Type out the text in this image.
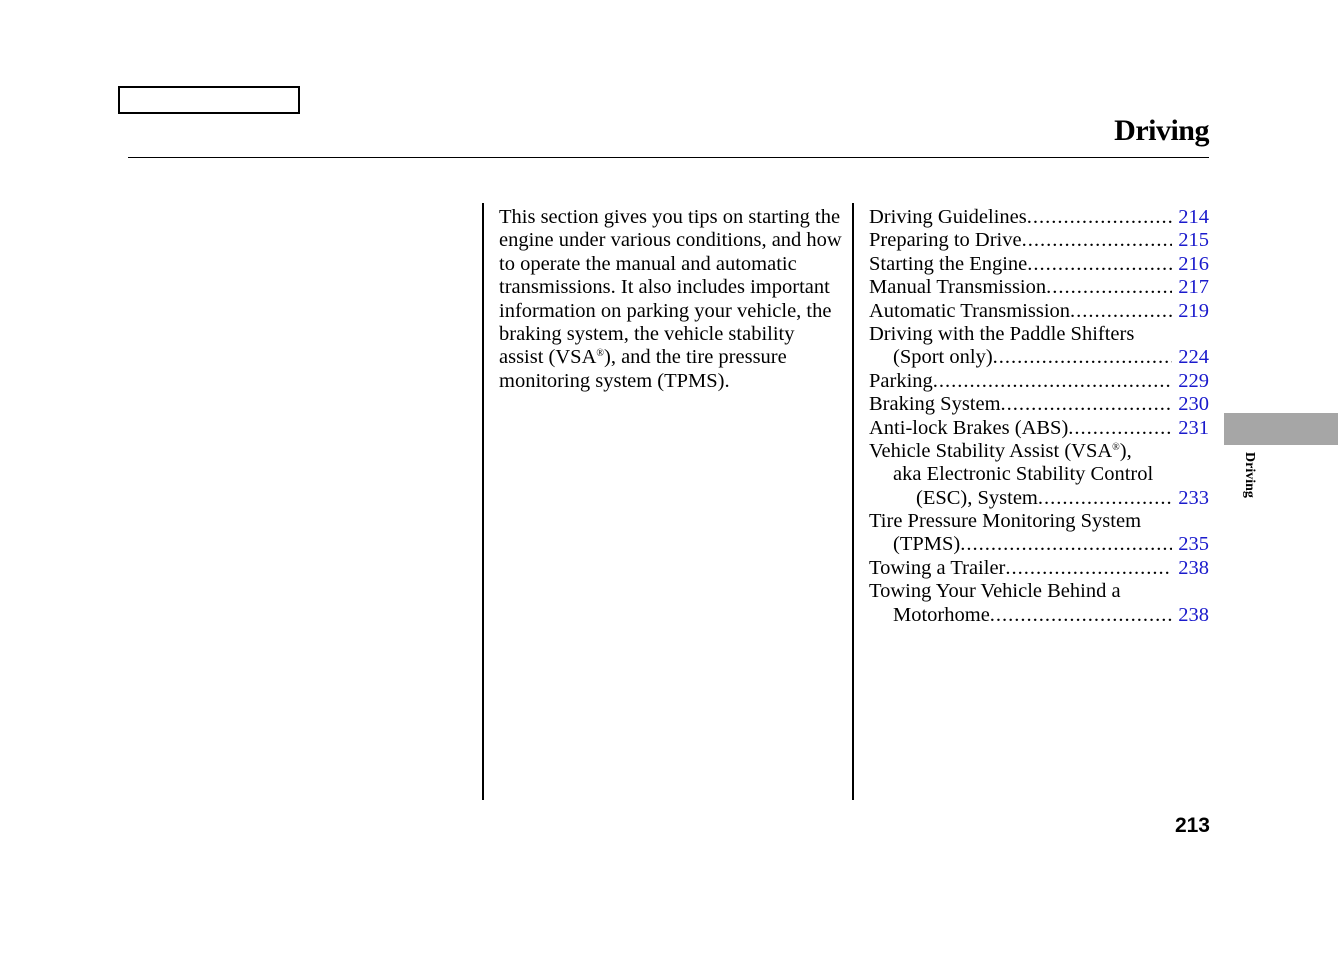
Driving

This section gives you tips on starting the engine under various conditions, and how to operate the manual and automatic transmissions. It also includes important information on parking your vehicle, the braking system, the vehicle stability assist (VSA®), and the tire pressure monitoring system (TPMS).

Driving Guidelines .....	214
Preparing to Drive .....	215
Starting the Engine .....	216
Manual Transmission .....	217
Automatic Transmission .....	219
Driving with the Paddle Shifters
(Sport only) .....	224
Parking .....	229
Braking System .....	230
Anti-lock Brakes (ABS) .....	231
Vehicle Stability Assist (VSA®),
aka Electronic Stability Control
(ESC), System .....	233
Tire Pressure Monitoring System
(TPMS) .....	235
Towing a Trailer .....	238
Towing Your Vehicle Behind a
Motorhome .....	238
Driving
213
